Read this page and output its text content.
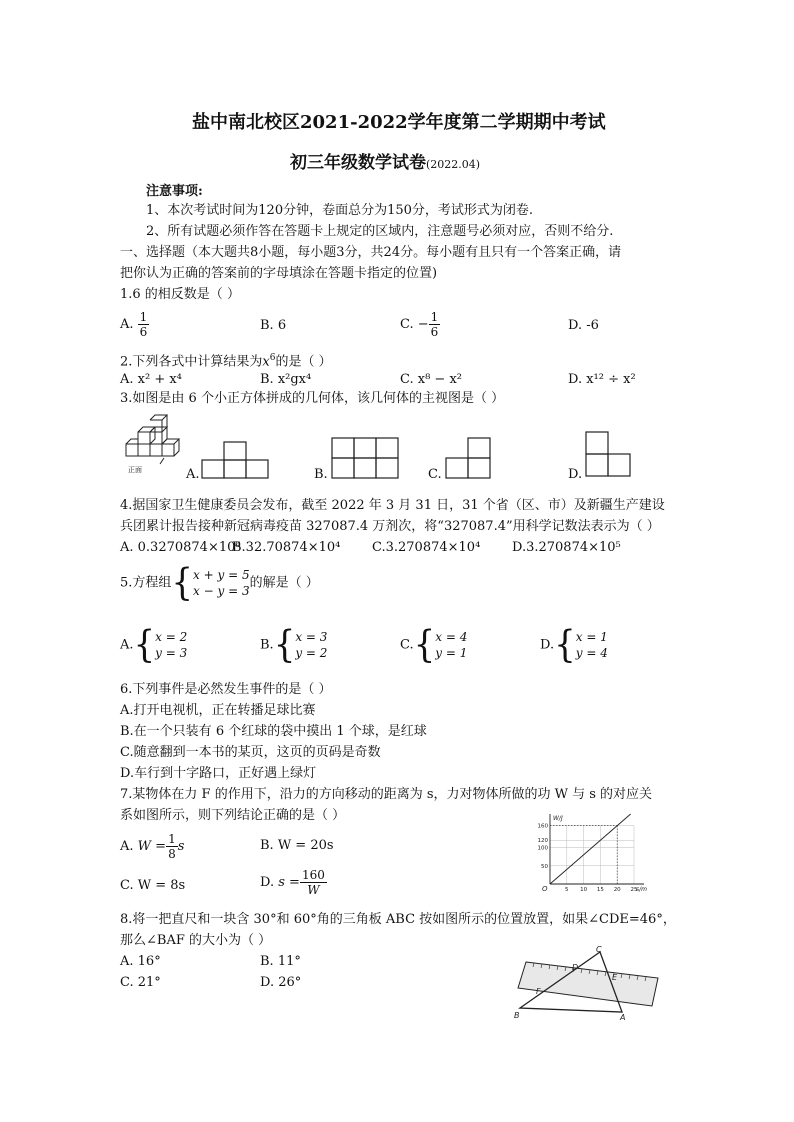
盐中南北校区2021-2022学年度第二学期期中考试
初三年级数学试卷(2022.04)
注意事项:
1、本次考试时间为120分钟，卷面总分为150分，考试形式为闭卷.
2、所有试题必须作答在答题卡上规定的区域内，注意题号必须对应，否则不给分.
一、选择题（本大题共8小题，每小题3分，共24分。每小题有且只有一个答案正确，请
把你认为正确的答案前的字母填涂在答题卡指定的位置)
1.6 的相反数是（ ）
A. $\frac{1}{6}$	B. 6	C. − $\frac{1}{6}$	D. -6
2.下列各式中计算结果为$x^6$的是（ ）
A. x² + x⁴	B. x²gx⁴	C. x⁸ − x²	D. x¹² ÷ x²
3.如图是由 6 个小正方体拼成的几何体，该几何体的主视图是（ ）
正面	A.	B.	C.	D.
4.据国家卫生健康委员会发布，截至 2022 年 3 月 31 日，31 个省（区、市）及新疆生产建设
兵团累计报告接种新冠病毒疫苗 327087.4 万剂次，将“327087.4”用科学记数法表示为（ ）
A. 0.3270874×10⁶
B.32.70874×10⁴ C.3.270874×10⁴ D.3.270874×10⁵
5.方程组{ x + y = 5
x − y = 3
的解是（ ）
A.{ x = 2
y = 3
B.{ x = 3
y = 2
C.{ x = 4
y = 1
D.{ x = 1
y = 4
6.下列事件是必然发生事件的是（ ）
A.打开电视机，正在转播足球比赛
B.在一个只装有 6 个红球的袋中摸出 1 个球，是红球
C.随意翻到一本书的某页，这页的页码是奇数
D.车行到十字路口，正好遇上绿灯
7.某物体在力 F 的作用下，沿力的方向移动的距离为 s，力对物体所做的功 W 与 s 的对应关
系如图所示，则下列结论正确的是（ ）
A. $W = \frac{1}{8}$ s	B. W = 20s
C. W = 8s	D. $s = \frac{160}{W}$
160
120
100
50
5 10 15 20 25
W/J
s/m
O
8.将一把直尺和一块含 30°和 60°角的三角板 ABC 按如图所示的位置放置，如果∠CDE=46°，
那么∠BAF 的大小为（ ）
A. 16°	B. 11°
C. 21°	D. 26°
C
D
E
F
B	A
